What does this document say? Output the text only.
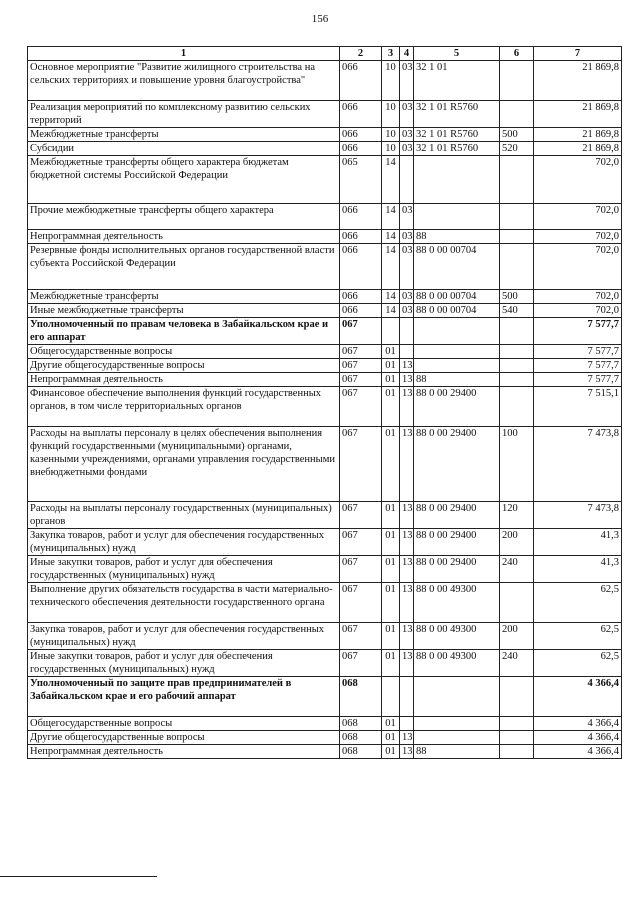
156
1	2	3	4	5	6	7
Основное мероприятие "Развитие жилищного строительства на сельских территориях и повышение уровня благоустройства"	066	10	03	32 1 01		21 869,8
Реализация мероприятий по комплексному развитию сельских территорий	066	10	03	32 1 01 R5760		21 869,8
Межбюджетные трансферты	066	10	03	32 1 01 R5760	500	21 869,8
Субсидии	066	10	03	32 1 01 R5760	520	21 869,8
Межбюджетные трансферты общего характера бюджетам бюджетной системы Российской Федерации	065	14				702,0
Прочие межбюджетные трансферты общего характера	066	14	03			702,0
Непрограммная деятельность	066	14	03	88		702,0
Резервные фонды исполнительных органов государственной власти субъекта Российской Федерации	066	14	03	88 0 00 00704		702,0
Межбюджетные трансферты	066	14	03	88 0 00 00704	500	702,0
Иные межбюджетные трансферты	066	14	03	88 0 00 00704	540	702,0
Уполномоченный по правам человека в Забайкальском крае и его аппарат	067					7 577,7
Общегосударственные вопросы	067	01				7 577,7
Другие общегосударственные вопросы	067	01	13			7 577,7
Непрограммная деятельность	067	01	13	88		7 577,7
Финансовое обеспечение выполнения функций государственных органов, в том числе территориальных органов	067	01	13	88 0 00 29400		7 515,1
Расходы на выплаты персоналу в целях обеспечения выполнения функций государственными (муниципальными) органами, казенными учреждениями, органами управления государственными внебюджетными фондами	067	01	13	88 0 00 29400	100	7 473,8
Расходы на выплаты персоналу государственных (муниципальных) органов	067	01	13	88 0 00 29400	120	7 473,8
Закупка товаров, работ и услуг для обеспечения государственных (муниципальных) нужд	067	01	13	88 0 00 29400	200	41,3
Иные закупки товаров, работ и услуг для обеспечения государственных (муниципальных) нужд	067	01	13	88 0 00 29400	240	41,3
Выполнение других обязательств государства в части материально-технического обеспечения деятельности государственного органа	067	01	13	88 0 00 49300		62,5
Закупка товаров, работ и услуг для обеспечения государственных (муниципальных) нужд	067	01	13	88 0 00 49300	200	62,5
Иные закупки товаров, работ и услуг для обеспечения государственных (муниципальных) нужд	067	01	13	88 0 00 49300	240	62,5
Уполномоченный по защите прав предпринимателей в Забайкальском крае и его рабочий аппарат	068					4 366,4
Общегосударственные вопросы	068	01				4 366,4
Другие общегосударственные вопросы	068	01	13			4 366,4
Непрограммная деятельность	068	01	13	88		4 366,4
